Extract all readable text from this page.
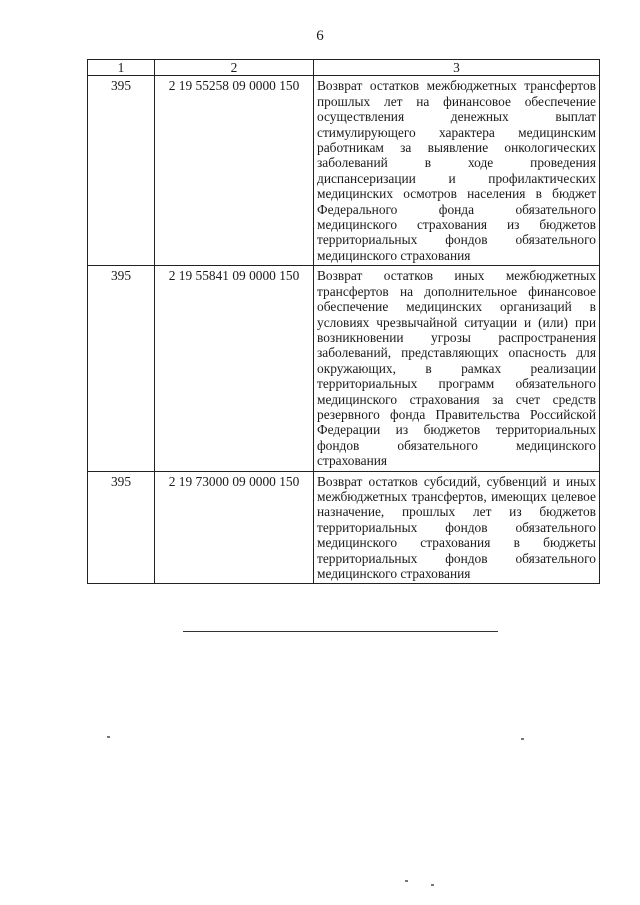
6
1	2	3
395	2 19 55258 09 0000 150	Возврат остатков межбюджетных трансфертов прошлых лет на финансовое обеспечение осуществления денежных выплат стимулирующего характера медицинским работникам за выявление онкологических заболеваний в ходе проведения диспансеризации и профилактических медицинских осмотров населения в бюджет Федерального фонда обязательного медицинского страхования из бюджетов территориальных фондов обязательного медицинского страхования
395	2 19 55841 09 0000 150	Возврат остатков иных межбюджетных трансфертов на дополнительное финансовое обеспечение медицинских организаций в условиях чрезвычайной ситуации и (или) при возникновении угрозы распространения заболеваний, представляющих опасность для окружающих, в рамках реализации территориальных программ обязательного медицинского страхования за счет средств резервного фонда Правительства Российской Федерации из бюджетов территориальных фондов обязательного медицинского страхования
395	2 19 73000 09 0000 150	Возврат остатков субсидий, субвенций и иных межбюджетных трансфертов, имеющих целевое назначение, прошлых лет из бюджетов территориальных фондов обязательного медицинского страхования в бюджеты территориальных фондов обязательного медицинского страхования
